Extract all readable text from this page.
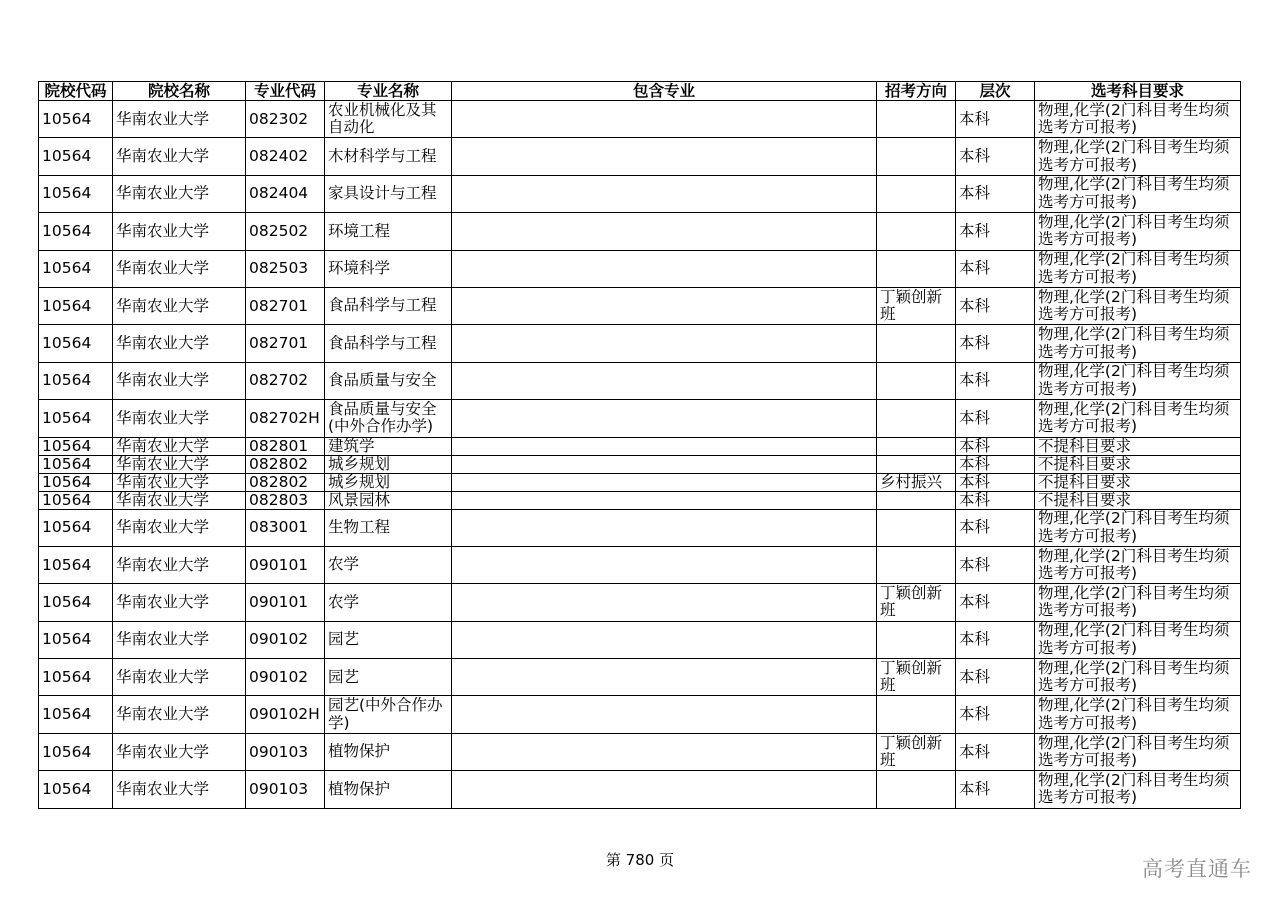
院校代码	院校名称	专业代码	专业名称	包含专业	招考方向	层次	选考科目要求
10564	华南农业大学	082302	农业机械化及其自动化			本科	物理,化学(2门科目考生均须选考方可报考)
10564	华南农业大学	082402	木材科学与工程			本科	物理,化学(2门科目考生均须选考方可报考)
10564	华南农业大学	082404	家具设计与工程			本科	物理,化学(2门科目考生均须选考方可报考)
10564	华南农业大学	082502	环境工程			本科	物理,化学(2门科目考生均须选考方可报考)
10564	华南农业大学	082503	环境科学			本科	物理,化学(2门科目考生均须选考方可报考)
10564	华南农业大学	082701	食品科学与工程		丁颖创新班	本科	物理,化学(2门科目考生均须选考方可报考)
10564	华南农业大学	082701	食品科学与工程			本科	物理,化学(2门科目考生均须选考方可报考)
10564	华南农业大学	082702	食品质量与安全			本科	物理,化学(2门科目考生均须选考方可报考)
10564	华南农业大学	082702H	食品质量与安全(中外合作办学)			本科	物理,化学(2门科目考生均须选考方可报考)
10564	华南农业大学	082801	建筑学			本科	不提科目要求
10564	华南农业大学	082802	城乡规划			本科	不提科目要求
10564	华南农业大学	082802	城乡规划		乡村振兴	本科	不提科目要求
10564	华南农业大学	082803	风景园林			本科	不提科目要求
10564	华南农业大学	083001	生物工程			本科	物理,化学(2门科目考生均须选考方可报考)
10564	华南农业大学	090101	农学			本科	物理,化学(2门科目考生均须选考方可报考)
10564	华南农业大学	090101	农学		丁颖创新班	本科	物理,化学(2门科目考生均须选考方可报考)
10564	华南农业大学	090102	园艺			本科	物理,化学(2门科目考生均须选考方可报考)
10564	华南农业大学	090102	园艺		丁颖创新班	本科	物理,化学(2门科目考生均须选考方可报考)
10564	华南农业大学	090102H	园艺(中外合作办学)			本科	物理,化学(2门科目考生均须选考方可报考)
10564	华南农业大学	090103	植物保护		丁颖创新班	本科	物理,化学(2门科目考生均须选考方可报考)
10564	华南农业大学	090103	植物保护			本科	物理,化学(2门科目考生均须选考方可报考)
第 780 页	高考直通车
